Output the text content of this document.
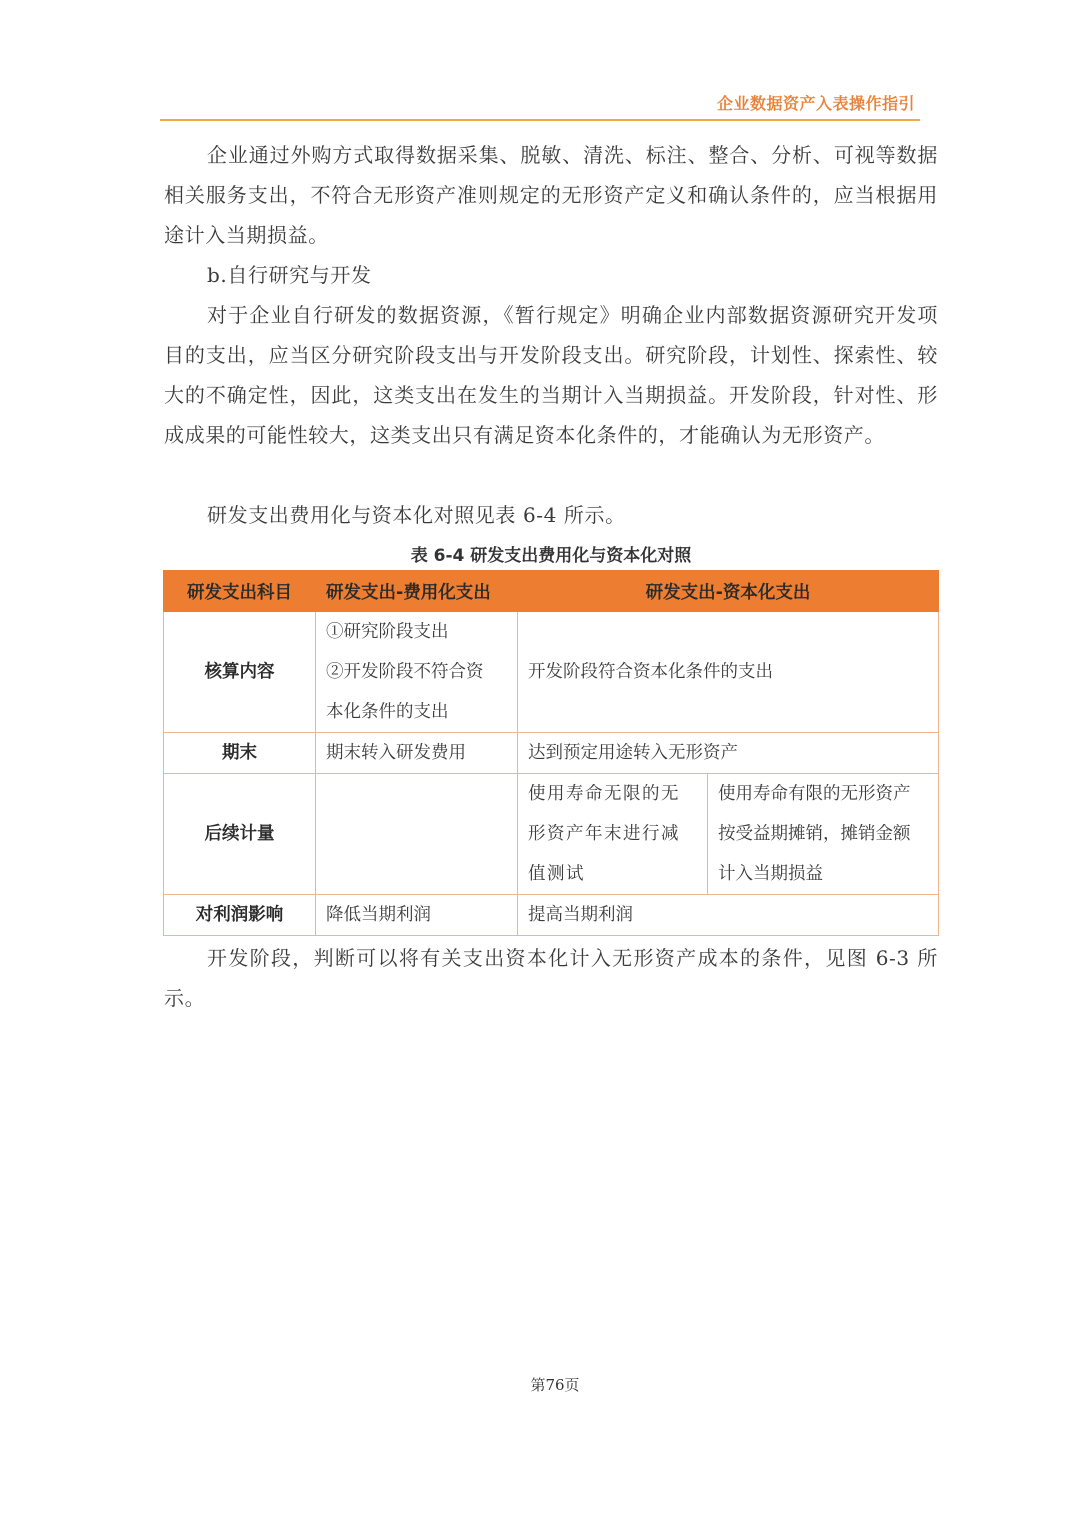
企业数据资产入表操作指引
企业通过外购方式取得数据采集、脱敏、清洗、标注、整合、分析、可视等数据相关服务支出，不符合无形资产准则规定的无形资产定义和确认条件的，应当根据用途计入当期损益。
b.自行研究与开发
对于企业自行研发的数据资源，《暂行规定》明确企业内部数据资源研究开发项目的支出，应当区分研究阶段支出与开发阶段支出。研究阶段，计划性、探索性、较大的不确定性，因此，这类支出在发生的当期计入当期损益。开发阶段，针对性、形成成果的可能性较大，这类支出只有满足资本化条件的，才能确认为无形资产。
研发支出费用化与资本化对照见表 6-4 所示。
表 6-4 研发支出费用化与资本化对照
研发支出科目	研发支出-费用化支出	研发支出-资本化支出	
核算内容	①研究阶段支出
②开发阶段不符合资
本化条件的支出	开发阶段符合资本化条件的支出	
期末	期末转入研发费用	达到预定用途转入无形资产	
后续计量		使用寿命无限的无
形资产年末进行减
值测试	使用寿命有限的无形资产
按受益期摊销，摊销金额
计入当期损益

对利润影响	降低当期利润	提高当期利润	
开发阶段，判断可以将有关支出资本化计入无形资产成本的条件，见图 6-3 所示。
第76页
